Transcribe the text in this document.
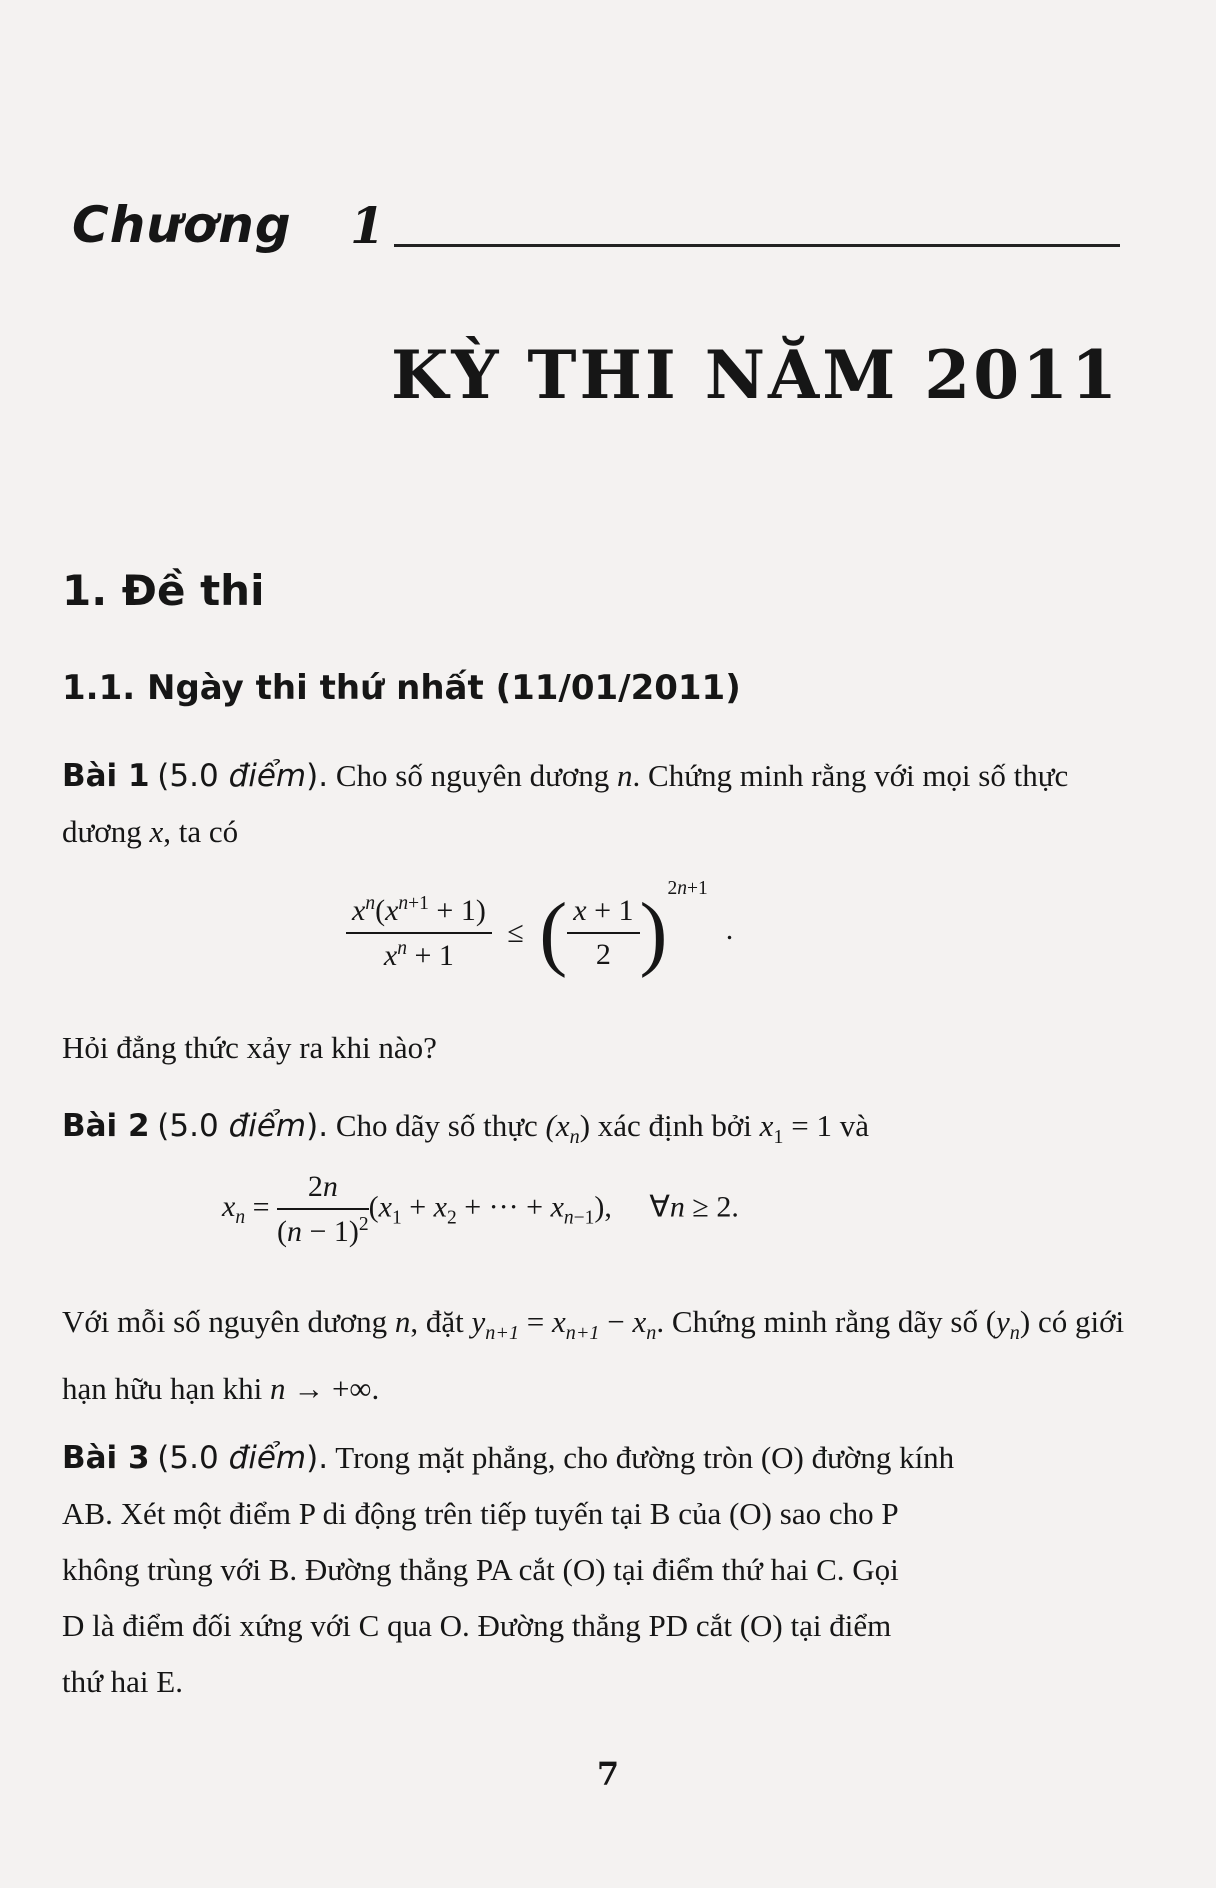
Chương 1
KỲ THI NĂM 2011
1. Đề thi
1.1. Ngày thi thứ nhất (11/01/2011)
Bài 1 (5.0 điểm). Cho số nguyên dương n. Chứng minh rằng với mọi số thực dương x, ta có
$\frac{x^n(x^{n+1} + 1)}{x^n + 1}$ ≤ ( $\frac{x + 1}{2} )^{2n+1}$.
Hỏi đẳng thức xảy ra khi nào?
Bài 2 (5.0 điểm). Cho dãy số thực $(x_n)$ xác định bởi $x_1 = 1$ và
$x_n = \frac{2n}{(n - 1)^2} (x_1 + x_2$ + ··· + $x_{n-1}$),     ∀n ≥ 2.
Với mỗi số nguyên dương n, đặt $y_{n+1} = x_{n+1} - x_n$. Chứng minh rằng dãy số $(y_n)$ có giới hạn hữu hạn khi n → +∞.
Bài 3 (5.0 điểm). Trong mặt phẳng, cho đường tròn (O) đường kính
AB. Xét một điểm P di động trên tiếp tuyến tại B của (O) sao cho P
không trùng với B. Đường thẳng PA cắt (O) tại điểm thứ hai C. Gọi
D là điểm đối xứng với C qua O. Đường thẳng PD cắt (O) tại điểm
thứ hai E.
7
